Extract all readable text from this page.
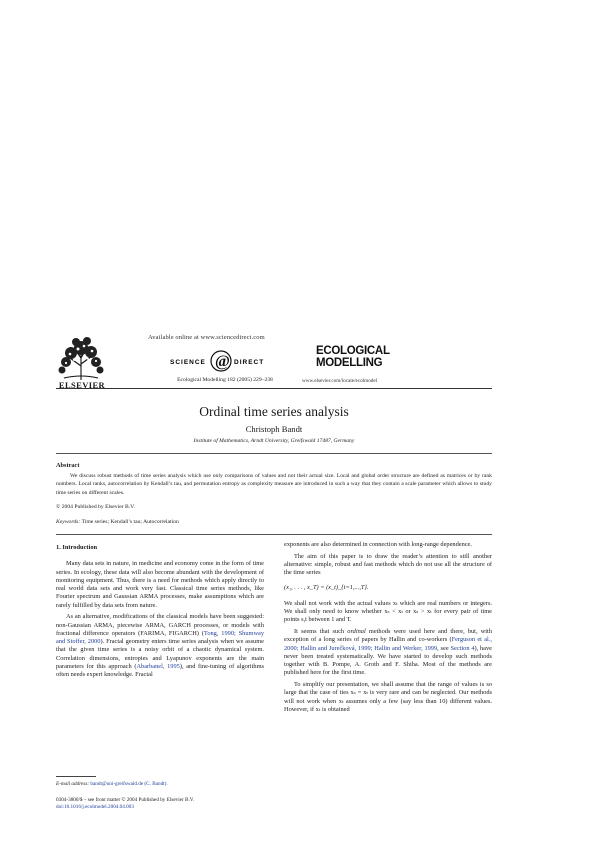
ELSEVIER
Available online at www.sciencedirect.com
SCIENCE @ DIRECT
Ecological Modelling 182 (2005) 229–238
ECOLOGICAL
MODELLING
www.elsevier.com/locate/ecolmodel
Ordinal time series analysis
Christoph Bandt
Institute of Mathematics, Arndt University, Greifswald 17487, Germany
Abstract

We discuss robust methods of time series analysis which use only comparisons of values and not their actual size. Local and global order structure are defined as matrices or by rank numbers. Local ranks, autocorrelation by Kendall’s tau, and permutation entropy as complexity measure are introduced in such a way that they contain a scale parameter which allows to study time series on different scales.

© 2004 Published by Elsevier B.V.
Keywords: Time series; Kendall’s tau; Autocorrelation

1. Introduction

Many data sets in nature, in medicine and economy come in the form of time series. In ecology, these data will also become abundant with the development of monitoring equipment. Thus, there is a need for methods which apply directly to real world data sets and work very fast. Classical time series methods, like Fourier spectrum and Gaussian ARMA processes, make assumptions which are rarely fulfilled by data sets from nature.

As an alternative, modifications of the classical models have been suggested: non-Gaussian ARMA, piecewise ARMA, GARCH processes, or models with fractional difference operators (FARIMA, FIGARCH) (Tong, 1990; Shumway and Stoffer, 2000). Fractal geometry enters time series analysis when we assume that the given time series is a noisy orbit of a chaotic dynamical system. Correlation dimensions, entropies and Lyapunov exponents are the main parameters for this approach (Abarbanel, 1995), and fine-tuning of algorithms often needs expert knowledge. Fractal

exponents are also determined in connection with long-range dependence.

The aim of this paper is to draw the reader’s attention to still another alternative: simple, robust and fast methods which do not use all the structure of the time series

(x₁, . . . , x_T) = (x_t)_{t=1,...,T}.

We shall not work with the actual values xₜ which are real numbers or integers. We shall only need to know whether xₛ < xₜ or xₛ > xₜ for every pair of time points s,t between 1 and T.

It seems that such ordinal methods were used here and there, but, with exception of a long series of papers by Hallin and co-workers (Ferguson et al., 2000; Hallin and Jurečková, 1999; Hallin and Werker, 1999, see Section 4), have never been treated systematically. We have started to develop such methods together with B. Pompe, A. Groth and F. Shiha. Most of the methods are published here for the first time.

To simplify our presentation, we shall assume that the range of values is so large that the case of ties xₛ = xₜ is very rare and can be neglected. Our methods will not work when xₜ assumes only a few (say less than 10) different values. However, if xₜ is obtained

E-mail address: bandt@uni-greifswald.de (C. Bandt).
0304-3800/$ – see front matter © 2004 Published by Elsevier B.V.
doi:10.1016/j.ecolmodel.2004.04.003
